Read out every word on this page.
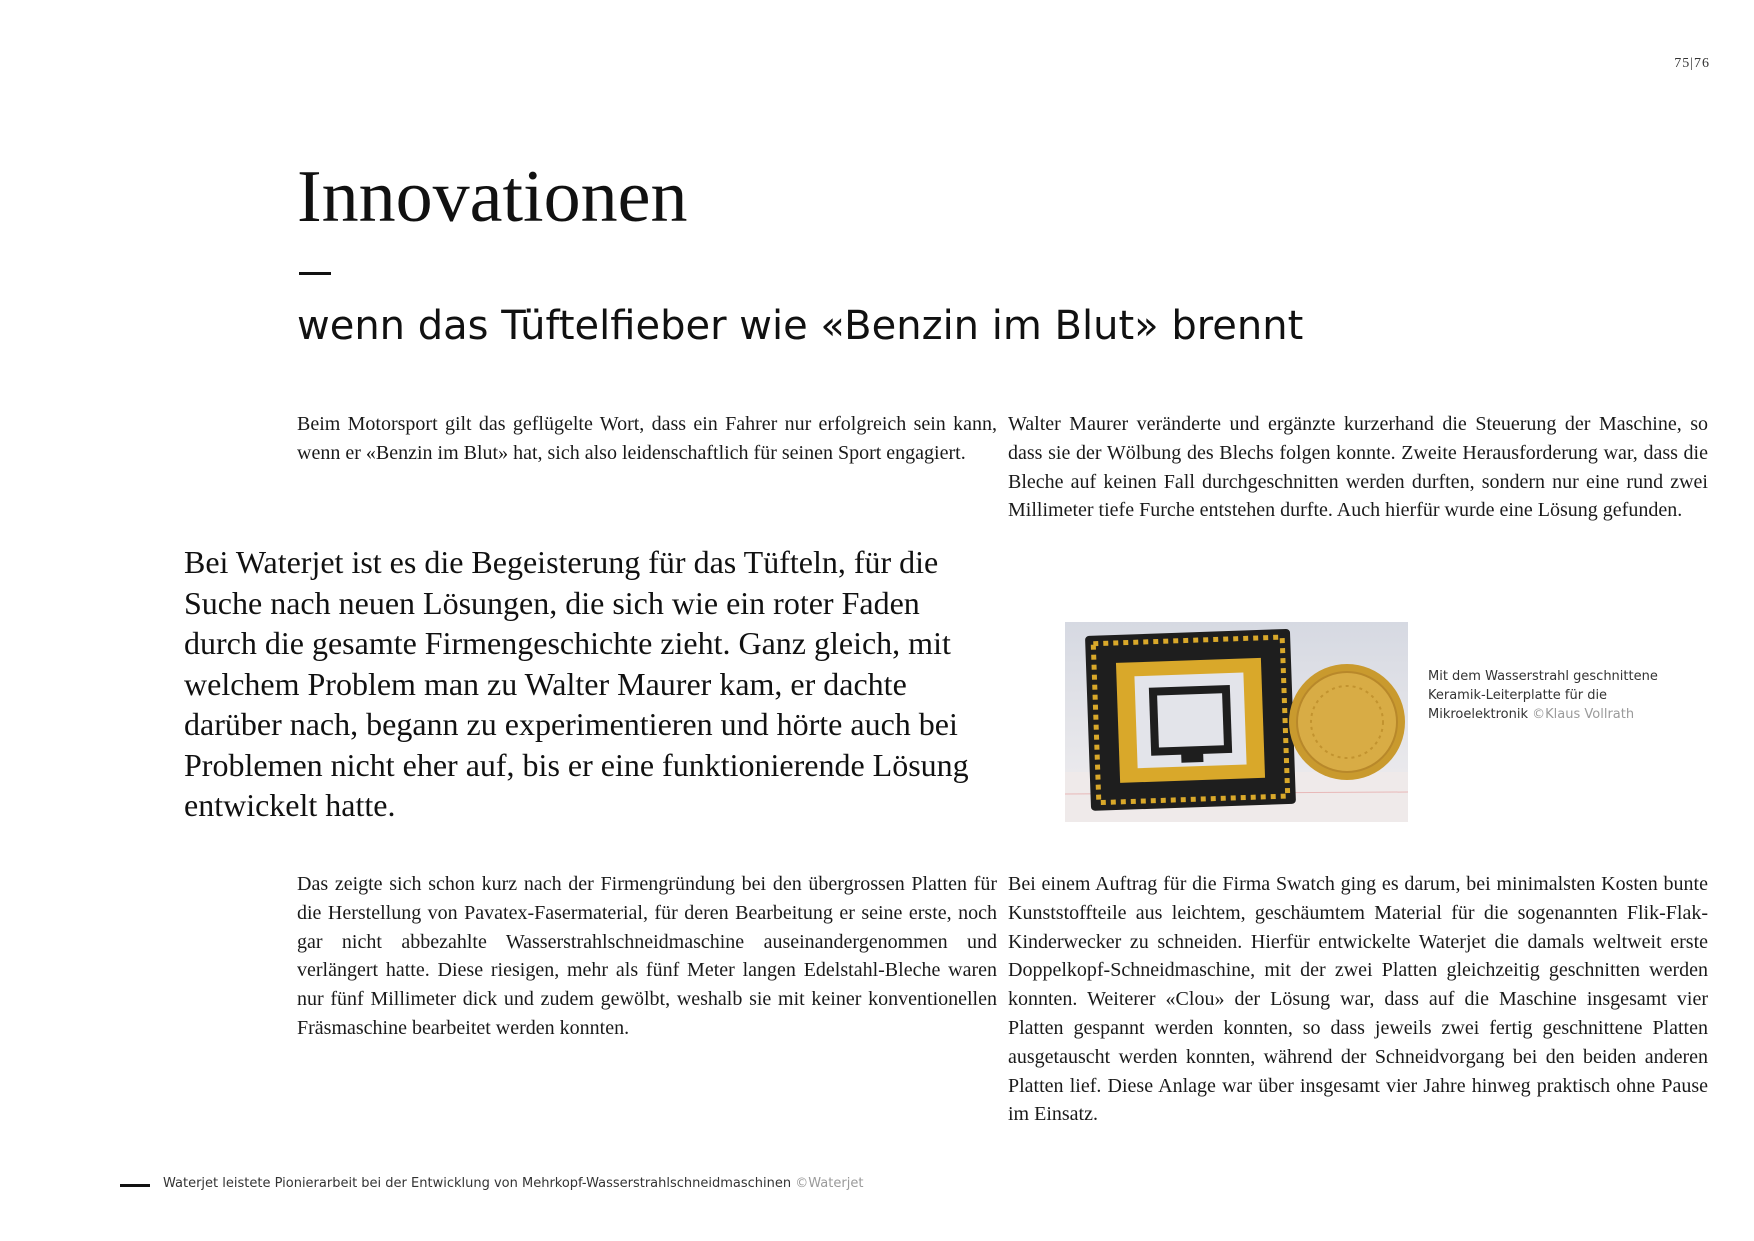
75|76
Innovationen
wenn das Tüftelfieber wie «Benzin im Blut» brennt

Beim Motorsport gilt das geflügelte Wort, dass ein Fahrer nur erfolgreich sein kann, wenn er «Benzin im Blut» hat, sich also leidenschaftlich für seinen Sport engagiert.

Walter Maurer veränderte und ergänzte kurzerhand die Steuerung der Maschine, so dass sie der Wölbung des Blechs folgen konnte. Zweite Herausforderung war, dass die Bleche auf keinen Fall durchgeschnitten werden durften, sondern nur eine rund zwei Millimeter tiefe Furche entstehen durfte. Auch hierfür wurde eine Lösung gefunden.

Bei Waterjet ist es die Begeisterung für das Tüfteln, für die Suche nach neuen Lösungen, die sich wie ein roter Faden durch die gesamte Firmengeschichte zieht. Ganz gleich, mit welchem Problem man zu Walter Maurer kam, er dachte darüber nach, begann zu experimentieren und hörte auch bei Problemen nicht eher auf, bis er eine funktionierende Lösung entwickelt hatte.

Mit dem Wasserstrahl geschnittene Keramik-Leiterplatte für die Mikroelektronik ©Klaus Vollrath

Das zeigte sich schon kurz nach der Firmengründung bei den übergrossen Platten für die Herstellung von Pavatex-Fasermaterial, für deren Bearbeitung er seine erste, noch gar nicht abbezahlte Wasserstrahlschneidmaschine auseinandergenommen und verlängert hatte. Diese riesigen, mehr als fünf Meter langen Edelstahl-Bleche waren nur fünf Millimeter dick und zudem gewölbt, weshalb sie mit keiner konventionellen Fräsmaschine bearbeitet werden konnten.

Bei einem Auftrag für die Firma Swatch ging es darum, bei minimalsten Kosten bunte Kunststoffteile aus leichtem, geschäumtem Material für die sogenannten Flik-Flak-Kinderwecker zu schneiden. Hierfür entwickelte Waterjet die damals weltweit erste Doppelkopf-Schneidmaschine, mit der zwei Platten gleichzeitig geschnitten werden konnten. Weiterer «Clou» der Lösung war, dass auf die Maschine insgesamt vier Platten gespannt werden konnten, so dass jeweils zwei fertig geschnittene Platten ausgetauscht werden konnten, während der Schneidvorgang bei den beiden anderen Platten lief. Diese Anlage war über insgesamt vier Jahre hinweg praktisch ohne Pause im Einsatz.

Waterjet leistete Pionierarbeit bei der Entwicklung von Mehrkopf-Wasserstrahlschneidmaschinen ©Waterjet
